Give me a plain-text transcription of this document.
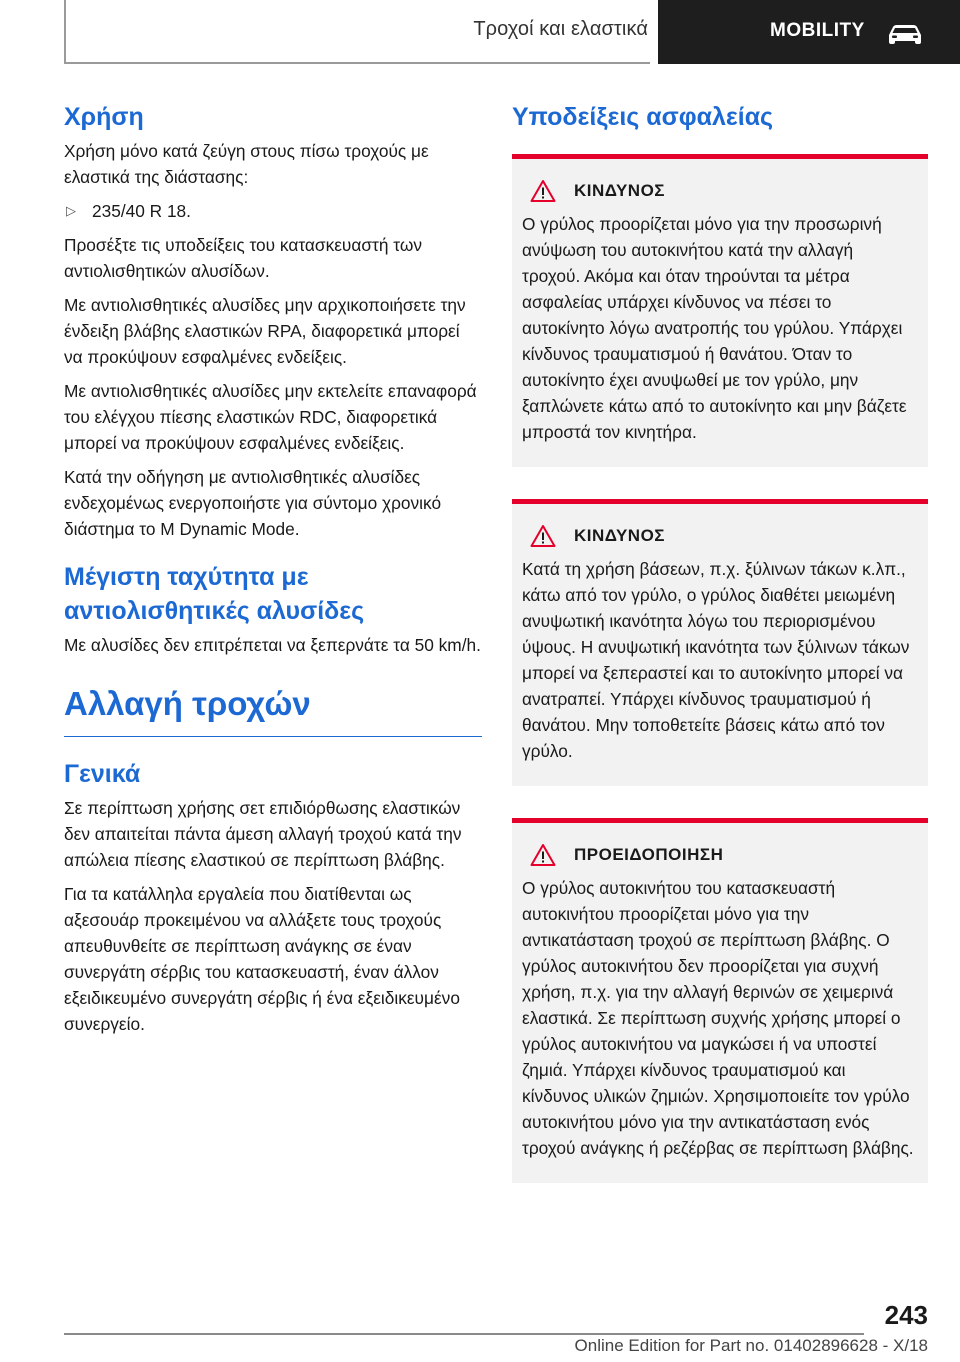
Τροχοί και ελαστικά	MOBILITY
Χρήση

Χρήση μόνο κατά ζεύγη στους πίσω τροχούς με ελαστικά της διάστασης:

▷ 235/40 R 18.

Προσέξτε τις υποδείξεις του κατασκευαστή των αντιολισθητικών αλυσίδων.

Με αντιολισθητικές αλυσίδες μην αρχικοποιήσετε την ένδειξη βλάβης ελαστικών RPA, διαφορετικά μπορεί να προκύψουν εσφαλμένες ενδείξεις.

Με αντιολισθητικές αλυσίδες μην εκτελείτε επαναφορά του ελέγχου πίεσης ελαστικών RDC, διαφορετικά μπορεί να προκύψουν εσφαλμένες ενδείξεις.

Κατά την οδήγηση με αντιολισθητικές αλυσίδες ενδεχομένως ενεργοποιήστε για σύντομο χρονικό διάστημα το M Dynamic Mode.

Μέγιστη ταχύτητα με αντιολισθητικές αλυσίδες

Με αλυσίδες δεν επιτρέπεται να ξεπερνάτε τα 50 km/h.

Αλλαγή τροχών
Γενικά

Σε περίπτωση χρήσης σετ επιδιόρθωσης ελαστικών δεν απαιτείται πάντα άμεση αλλαγή τροχού κατά την απώλεια πίεσης ελαστικού σε περίπτωση βλάβης.

Για τα κατάλληλα εργαλεία που διατίθενται ως αξεσουάρ προκειμένου να αλλάξετε τους τροχούς απευθυνθείτε σε περίπτωση ανάγκης σε έναν συνεργάτη σέρβις του κατασκευαστή, έναν άλλον εξειδικευμένο συνεργάτη σέρβις ή ένα εξειδικευμένο συνεργείο.

Υποδείξεις ασφαλείας
ΚΙΝΔΥΝΟΣ
Ο γρύλος προορίζεται μόνο για την προσωρινή ανύψωση του αυτοκινήτου κατά την αλλαγή τροχού. Ακόμα και όταν τηρούνται τα μέτρα ασφαλείας υπάρχει κίνδυνος να πέσει το αυτοκίνητο λόγω ανατροπής του γρύλου. Υπάρχει κίνδυνος τραυματισμού ή θανάτου. Όταν το αυτοκίνητο έχει ανυψωθεί με τον γρύλο, μην ξαπλώνετε κάτω από το αυτοκίνητο και μην βάζετε μπροστά τον κινητήρα.
ΚΙΝΔΥΝΟΣ
Κατά τη χρήση βάσεων, π.χ. ξύλινων τάκων κ.λπ., κάτω από τον γρύλο, ο γρύλος διαθέτει μειωμένη ανυψωτική ικανότητα λόγω του περιορισμένου ύψους. Η ανυψωτική ικανότητα των ξύλινων τάκων μπορεί να ξεπεραστεί και το αυτοκίνητο μπορεί να ανατραπεί. Υπάρχει κίνδυνος τραυματισμού ή θανάτου. Μην τοποθετείτε βάσεις κάτω από τον γρύλο.
ΠΡΟΕΙΔΟΠΟΙΗΣΗ
Ο γρύλος αυτοκινήτου του κατασκευαστή αυτοκινήτου προορίζεται μόνο για την αντικατάσταση τροχού σε περίπτωση βλάβης. Ο γρύλος αυτοκινήτου δεν προορίζεται για συχνή χρήση, π.χ. για την αλλαγή θερινών σε χειμερινά ελαστικά. Σε περίπτωση συχνής χρήσης μπορεί ο γρύλος αυτοκινήτου να μαγκώσει ή να υποστεί ζημιά. Υπάρχει κίνδυνος τραυματισμού και κίνδυνος υλικών ζημιών. Χρησιμοποιείτε τον γρύλο αυτοκινήτου μόνο για την αντικατάσταση ενός τροχού ανάγκης ή ρεζέρβας σε περίπτωση βλάβης.
243
Online Edition for Part no. 01402896628 - X/18
